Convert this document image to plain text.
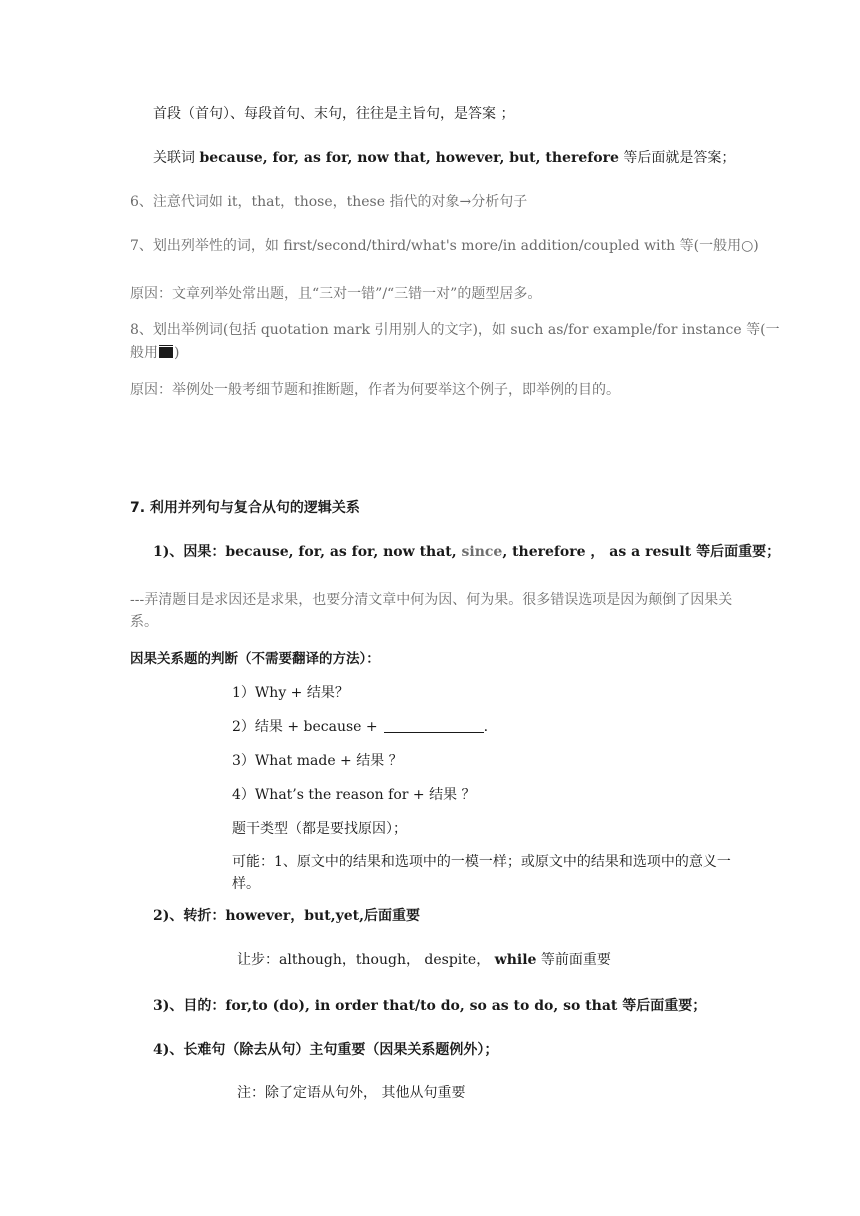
首段（首句）、每段首句、末句，往往是主旨句，是答案 ；
关联词 because, for, as for, now that, however, but, therefore 等后面就是答案；
6、注意代词如 it，that，those，these 指代的对象→分析句子
7、划出列举性的词，如 first/second/third/what's more/in addition/coupled with 等(一般用○)
原因：文章列举处常出题，且“三对一错”/“三错一对”的题型居多。
8、划出举例词(包括 quotation mark 引用别人的文字)，如 such as/for example/for instance 等(一
般用 )
原因：举例处一般考细节题和推断题，作者为何要举这个例子，即举例的目的。
7. 利用并列句与复合从句的逻辑关系
1)、因果：because, for, as for, now that, since, therefore ， as a result 等后面重要；
---弄清题目是求因还是求果，也要分清文章中何为因、何为果。很多错误选项是因为颠倒了因果关系。
因果关系题的判断（不需要翻译的方法）：
1）Why + 结果？
2）结果 + because +	.
3）What made + 结果 ？
4）What’s the reason for + 结果 ？
题干类型（都是要找原因）；
可能：1、原文中的结果和选项中的一模一样；或原文中的结果和选项中的意义一样。
2)、转折：however，but,yet,后面重要
让步：although，though， despite， while 等前面重要
3)、目的：for,to (do), in order that/to do, so as to do, so that 等后面重要；
4)、长难句（除去从句）主句重要（因果关系题例外）；
注：除了定语从句外， 其他从句重要
